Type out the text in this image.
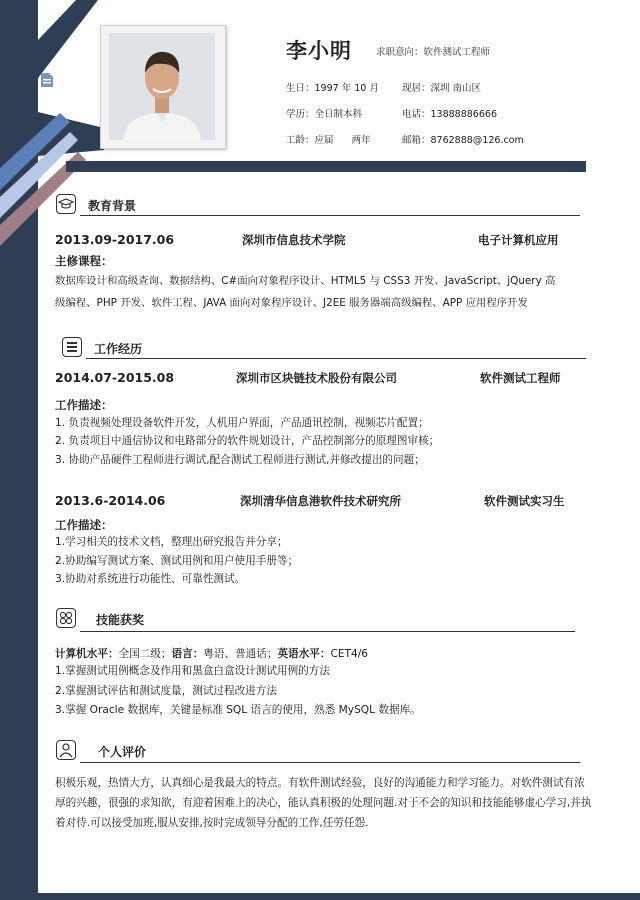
李小明	求职意向：软件测试工程师
生日：1997 年 10 月 现居：深圳 南山区
学历：全日制本科	电话：13888886666
工龄：应届      两年	邮箱：8762888@126.com
教育背景
2013.09-2017.06	深圳市信息技术学院	电子计算机应用
主修课程：
数据库设计和高级查询、数据结构、C#面向对象程序设计、HTML5 与 CSS3 开发、JavaScript、jQuery 高
级编程、PHP 开发、软件工程、JAVA 面向对象程序设计、J2EE 服务器端高级编程、APP 应用程序开发
工作经历
2014.07-2015.08	深圳市区块链技术股份有限公司	软件测试工程师
工作描述：
1. 负责视频处理设备软件开发，人机用户界面，产品通讯控制，视频芯片配置；
2. 负责项目中通信协议和电路部分的软件规划设计，产品控制部分的原理图审核；
3. 协助产品硬件工程师进行调试,配合测试工程师进行测试,并修改提出的问题；
2013.6-2014.06	深圳清华信息港软件技术研究所	软件测试实习生
工作描述：
1.学习相关的技术文档，整理出研究报告并分享；
2.协助编写测试方案、测试用例和用户使用手册等；
3.协助对系统进行功能性、可靠性测试。
技能获奖
计算机水平：全国二级；语言：粤语、普通话；英语水平：CET4/6
1.掌握测试用例概念及作用和黑盒白盒设计测试用例的方法
2.掌握测试评估和测试度量，测试过程改进方法
3.掌握 Oracle 数据库，关键是标准 SQL 语言的使用，熟悉 MySQL 数据库。
个人评价
积极乐观，热情大方，认真细心是我最大的特点。有软件测试经验，良好的沟通能力和学习能力。对软件测试有浓厚的兴趣，很强的求知欲，有迎着困难上的决心，能认真积极的处理问题.对于不会的知识和技能能够虚心学习,并执着对待.可以接受加班,服从安排,按时完成领导分配的工作,任劳任怨.
